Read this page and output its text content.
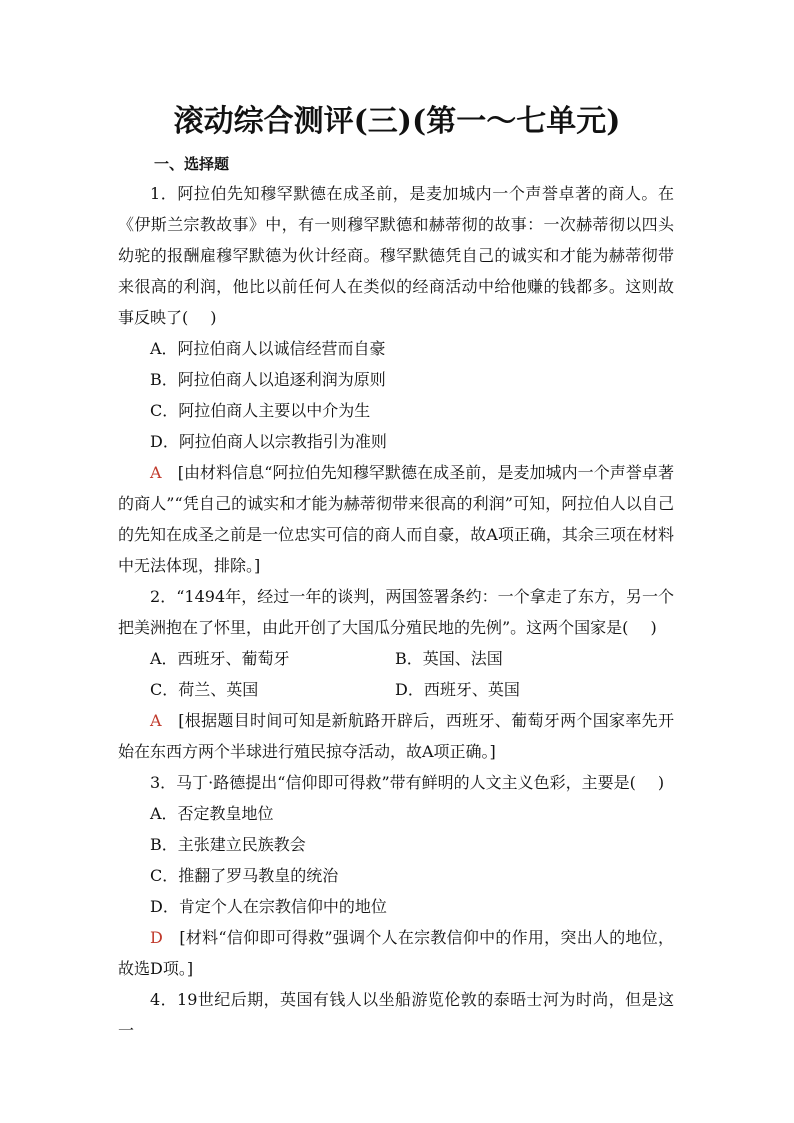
滚动综合测评(三)(第一～七单元)
一、选择题

1．阿拉伯先知穆罕默德在成圣前，是麦加城内一个声誉卓著的商人。在《伊斯兰宗教故事》中，有一则穆罕默德和赫蒂彻的故事：一次赫蒂彻以四头幼驼的报酬雇穆罕默德为伙计经商。穆罕默德凭自己的诚实和才能为赫蒂彻带来很高的利润，他比以前任何人在类似的经商活动中给他赚的钱都多。这则故事反映了( )

A．阿拉伯商人以诚信经营而自豪

B．阿拉伯商人以追逐利润为原则

C．阿拉伯商人主要以中介为生

D．阿拉伯商人以宗教指引为准则

A　 [由材料信息“阿拉伯先知穆罕默德在成圣前，是麦加城内一个声誉卓著的商人”“凭自己的诚实和才能为赫蒂彻带来很高的利润”可知，阿拉伯人以自己的先知在成圣之前是一位忠实可信的商人而自豪，故A项正确，其余三项在材料中无法体现，排除。]

2．“1494年，经过一年的谈判，两国签署条约：一个拿走了东方，另一个把美洲抱在了怀里，由此开创了大国瓜分殖民地的先例”。这两个国家是( )

A．西班牙、葡萄牙	B．英国、法国
C．荷兰、英国	D．西班牙、英国

A　 [根据题目时间可知是新航路开辟后，西班牙、葡萄牙两个国家率先开始在东西方两个半球进行殖民掠夺活动，故A项正确。]

3．马丁·路德提出“信仰即可得救”带有鲜明的人文主义色彩，主要是( )

A．否定教皇地位

B．主张建立民族教会

C．推翻了罗马教皇的统治

D．肯定个人在宗教信仰中的地位

D　 [材料“信仰即可得救”强调个人在宗教信仰中的作用，突出人的地位，故选D项。]

4．19世纪后期，英国有钱人以坐船游览伦敦的泰晤士河为时尚，但是这一
